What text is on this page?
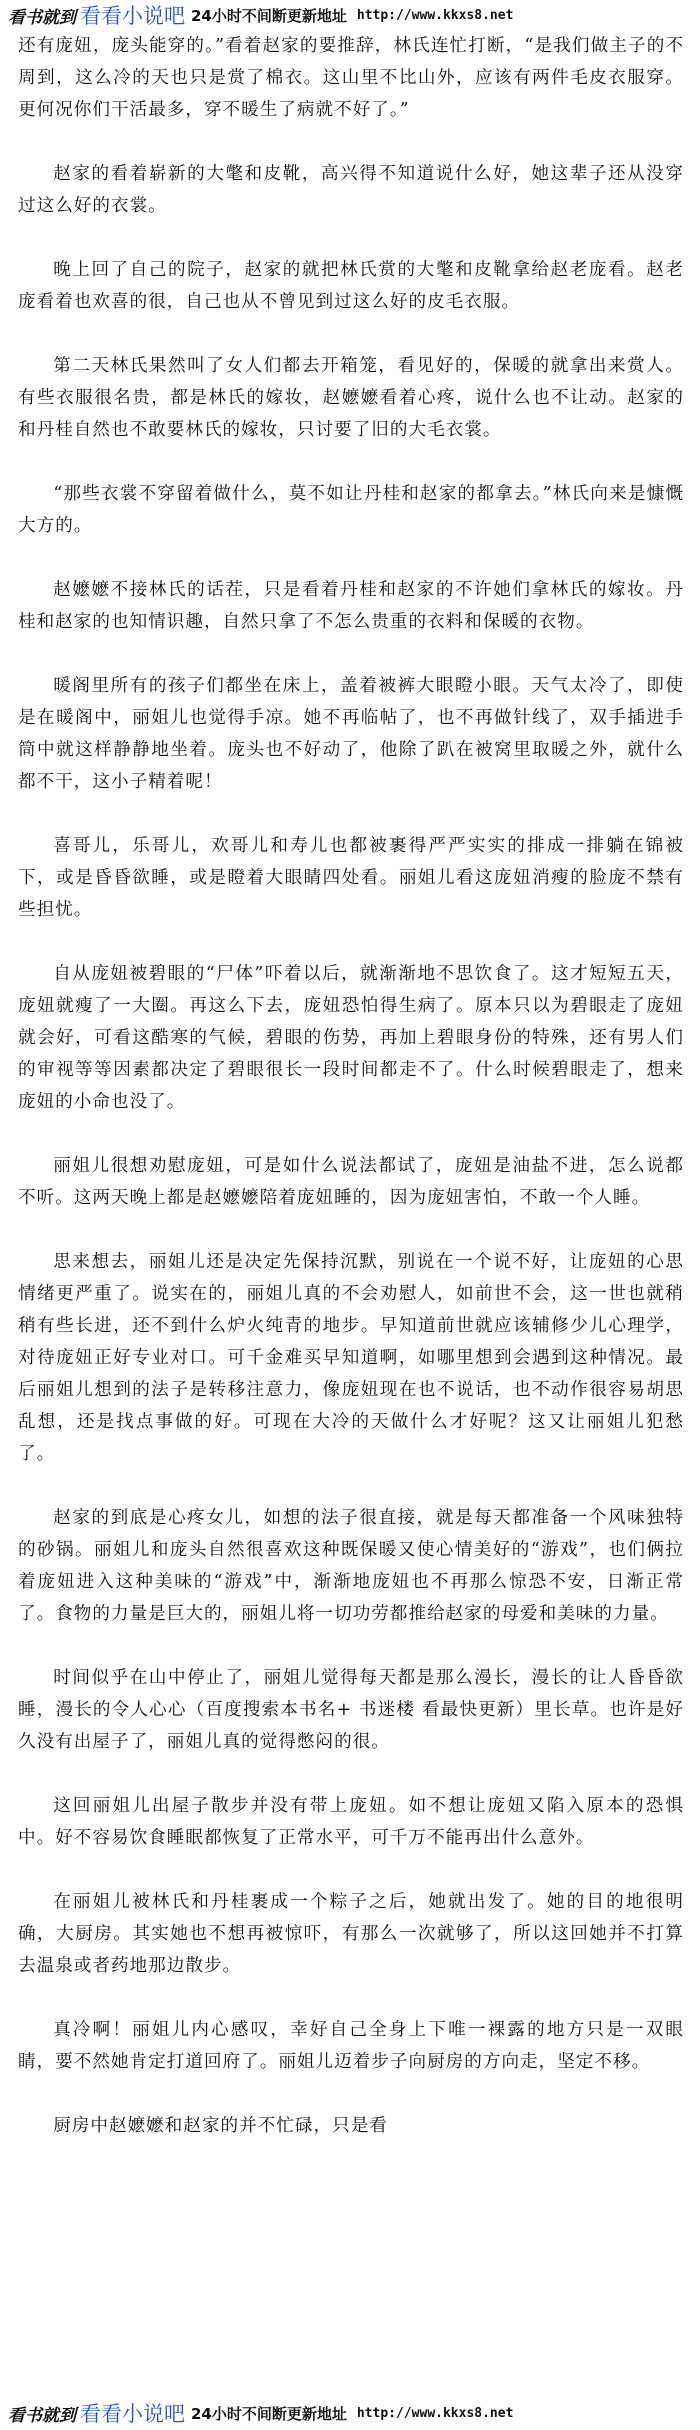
看书就到 看看小说吧 24小时不间断更新地址 http://www.kkxs8.net

还有庞妞，庞头能穿的。”看着赵家的要推辞，林氏连忙打断，“是我们做主子的不周到，这么冷的天也只是赏了棉衣。这山里不比山外，应该有两件毛皮衣服穿。更何况你们干活最多，穿不暖生了病就不好了。”

赵家的看着崭新的大氅和皮靴，高兴得不知道说什么好，她这辈子还从没穿过这么好的衣裳。

晚上回了自己的院子，赵家的就把林氏赏的大氅和皮靴拿给赵老庞看。赵老庞看着也欢喜的很，自己也从不曾见到过这么好的皮毛衣服。

第二天林氏果然叫了女人们都去开箱笼，看见好的，保暖的就拿出来赏人。有些衣服很名贵，都是林氏的嫁妆，赵嬷嬷看着心疼，说什么也不让动。赵家的和丹桂自然也不敢要林氏的嫁妆，只讨要了旧的大毛衣裳。

“那些衣裳不穿留着做什么，莫不如让丹桂和赵家的都拿去。”林氏向来是慷慨大方的。

赵嬷嬷不接林氏的话茬，只是看着丹桂和赵家的不许她们拿林氏的嫁妆。丹桂和赵家的也知情识趣，自然只拿了不怎么贵重的衣料和保暖的衣物。

暖阁里所有的孩子们都坐在床上，盖着被裤大眼瞪小眼。天气太冷了，即使是在暖阁中，丽姐儿也觉得手凉。她不再临帖了，也不再做针线了，双手插进手筒中就这样静静地坐着。庞头也不好动了，他除了趴在被窝里取暖之外，就什么都不干，这小子精着呢！

喜哥儿，乐哥儿，欢哥儿和寿儿也都被裹得严严实实的排成一排躺在锦被下，或是昏昏欲睡，或是瞪着大眼睛四处看。丽姐儿看这庞妞消瘦的脸庞不禁有些担忧。

自从庞妞被碧眼的“尸体”吓着以后，就渐渐地不思饮食了。这才短短五天，庞妞就瘦了一大圈。再这么下去，庞妞恐怕得生病了。原本只以为碧眼走了庞妞就会好，可看这酷寒的气候，碧眼的伤势，再加上碧眼身份的特殊，还有男人们的审视等等因素都决定了碧眼很长一段时间都走不了。什么时候碧眼走了，想来庞妞的小命也没了。

丽姐儿很想劝慰庞妞，可是如什么说法都试了，庞妞是油盐不进，怎么说都不听。这两天晚上都是赵嬷嬷陪着庞妞睡的，因为庞妞害怕，不敢一个人睡。

思来想去，丽姐儿还是决定先保持沉默，别说在一个说不好，让庞妞的心思情绪更严重了。说实在的，丽姐儿真的不会劝慰人，如前世不会，这一世也就稍稍有些长进，还不到什么炉火纯青的地步。早知道前世就应该辅修少儿心理学，对待庞妞正好专业对口。可千金难买早知道啊，如哪里想到会遇到这种情况。最后丽姐儿想到的法子是转移注意力，像庞妞现在也不说话，也不动作很容易胡思乱想，还是找点事做的好。可现在大冷的天做什么才好呢？这又让丽姐儿犯愁了。

赵家的到底是心疼女儿，如想的法子很直接，就是每天都准备一个风味独特的砂锅。丽姐儿和庞头自然很喜欢这种既保暖又使心情美好的“游戏”，也们俩拉着庞妞进入这种美味的“游戏”中，渐渐地庞妞也不再那么惊恐不安，日渐正常了。食物的力量是巨大的，丽姐儿将一切功劳都推给赵家的母爱和美味的力量。

时间似乎在山中停止了，丽姐儿觉得每天都是那么漫长，漫长的让人昏昏欲睡，漫长的令人心心（百度搜索本书名+ 书迷楼 看最快更新）里长草。也许是好久没有出屋子了，丽姐儿真的觉得憋闷的很。

这回丽姐儿出屋子散步并没有带上庞妞。如不想让庞妞又陷入原本的恐惧中。好不容易饮食睡眠都恢复了正常水平，可千万不能再出什么意外。

在丽姐儿被林氏和丹桂裹成一个粽子之后，她就出发了。她的目的地很明确，大厨房。其实她也不想再被惊吓，有那么一次就够了，所以这回她并不打算去温泉或者药地那边散步。

真冷啊！丽姐儿内心感叹，幸好自己全身上下唯一裸露的地方只是一双眼睛，要不然她肯定打道回府了。丽姐儿迈着步子向厨房的方向走，坚定不移。

厨房中赵嬷嬷和赵家的并不忙碌，只是看

看书就到 看看小说吧 24小时不间断更新地址 http://www.kkxs8.net
